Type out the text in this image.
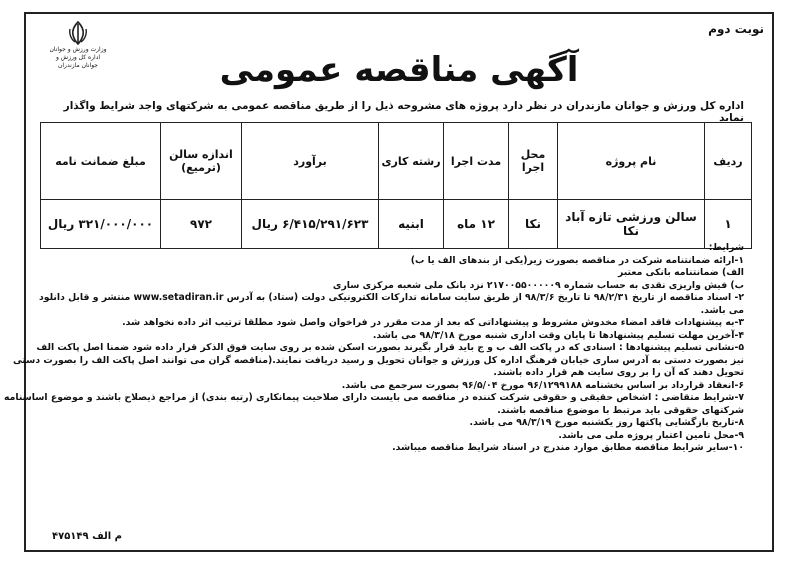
نوبت دوم
وزارت ورزش و جوانان
اداره کل ورزش و جوانان مازندران	آگهی مناقصه عمومی
اداره کل ورزش و جوانان مازندران در نظر دارد پروژه های مشروحه ذیل را از طریق مناقصه عمومی به شرکتهای واجد شرایط واگذار نماید
ردیف	نام پروژه	محل اجرا	مدت اجرا	رشته کاری	برآورد	اندازه سالن (ترمیع)	مبلغ ضمانت نامه
۱	سالن ورزشی تازه آباد نکا	نکا	۱۲ ماه	ابنیه	۶/۴۱۵/۲۹۱/۶۲۳ ریال	۹۷۲	۳۲۱/۰۰۰/۰۰۰ ریال

شرایط:

۱-ارائه ضمانتنامه شرکت در مناقصه بصورت زیر(یکی از بندهای الف یا ب)

الف) ضمانتنامه بانکی معتبر

ب) فیش واریزی نقدی به حساب شماره ۲۱۷۰۰۵۵۰۰۰۰۰۹ نزد بانک ملی شعبه مرکزی ساری

۲- اسناد مناقصه از تاریخ ۹۸/۲/۳۱ تا تاریخ ۹۸/۳/۶ از طریق سایت سامانه تدارکات الکترونیکی دولت (ستاد) به آدرس www.setadiran.ir منتشر و قابل دانلود

می باشد.

۳-به پیشنهادات فاقد امضاء مخدوش مشروط و پیشنهاداتی که بعد از مدت مقرر در فراخوان واصل شود مطلقا ترتیب اثر داده نخواهد شد.

۴-آخرین مهلت تسلیم پیشنهادها تا پایان وقت اداری شنبه مورخ ۹۸/۳/۱۸ می باشد.

۵-نشانی تسلیم پیشنهادها : اسنادی که در پاکت الف ب و ج باید قرار بگیرند بصورت اسکن شده بر روی سایت فوق الذکر قرار داده شود ضمنا اصل پاکت الف

نیز بصورت دستی به آدرس ساری خیابان فرهنگ اداره کل ورزش و جوانان تحویل و رسید دریافت نمایند.(مناقصه گران می توانند اصل پاکت الف را بصورت دستی

تحویل دهند که آن را بر روی سایت هم قرار داده باشند.

۶-انعقاد قرارداد بر اساس بخشنامه ۹۶/۱۲۹۹۱۸۸ مورخ ۹۶/۵/۰۴ بصورت سرجمع می باشد.

۷-شرایط متقاضی : اشخاص حقیقی و حقوقی شرکت کننده در مناقصه می بایست دارای صلاحیت پیمانکاری (رتبه بندی) از مراجع ذیصلاح باشند و موضوع اساسنامه

شرکتهای حقوقی باید مرتبط با موضوع مناقصه باشند.

۸-تاریخ بازگشایی پاکتها روز یکشنبه مورخ ۹۸/۳/۱۹ می باشد.

۹-محل تامین اعتبار پروژه ملی می باشد.

۱۰-سایر شرایط مناقصه مطابق موارد مندرج در اسناد شرایط مناقصه میباشد.

م الف ۴۷۵۱۴۹
